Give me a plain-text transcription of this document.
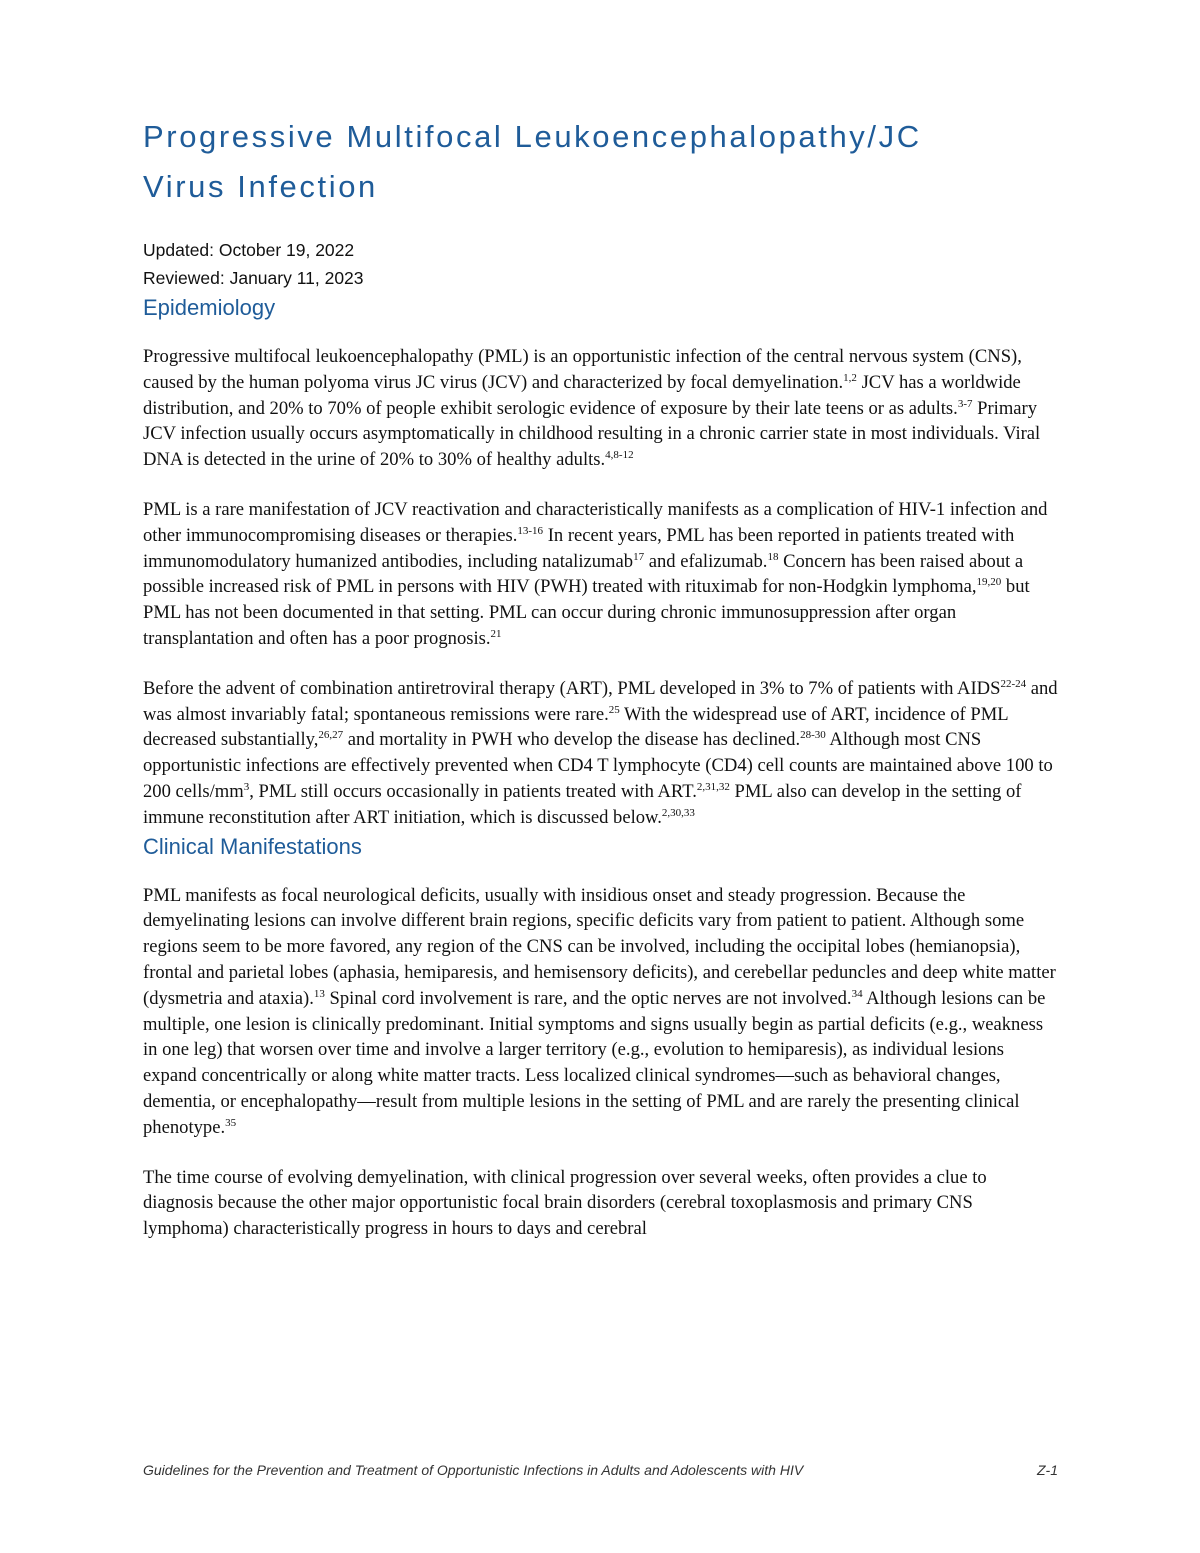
Progressive Multifocal Leukoencephalopathy/JC
Virus Infection
Updated: October 19, 2022
Reviewed: January 11, 2023
Epidemiology

Progressive multifocal leukoencephalopathy (PML) is an opportunistic infection of the central nervous system (CNS), caused by the human polyoma virus JC virus (JCV) and characterized by focal demyelination.$^{1,2}$ JCV has a worldwide distribution, and 20% to 70% of people exhibit serologic evidence of exposure by their late teens or as adults.$^{3-7}$ Primary JCV infection usually occurs asymptomatically in childhood resulting in a chronic carrier state in most individuals. Viral DNA is detected in the urine of 20% to 30% of healthy adults.$^{4,8-12}$

PML is a rare manifestation of JCV reactivation and characteristically manifests as a complication of HIV-1 infection and other immunocompromising diseases or therapies.$^{13-16}$ In recent years, PML has been reported in patients treated with immunomodulatory humanized antibodies, including natalizumab$^{17}$ and efalizumab.$^{18}$ Concern has been raised about a possible increased risk of PML in persons with HIV (PWH) treated with rituximab for non-Hodgkin lymphoma,$^{19,20}$ but PML has not been documented in that setting. PML can occur during chronic immunosuppression after organ transplantation and often has a poor prognosis.$^{21}$

Before the advent of combination antiretroviral therapy (ART), PML developed in 3% to 7% of patients with AIDS$^{22-24}$ and was almost invariably fatal; spontaneous remissions were rare.$^{25}$ With the widespread use of ART, incidence of PML decreased substantially,$^{26,27}$ and mortality in PWH who develop the disease has declined.$^{28-30}$ Although most CNS opportunistic infections are effectively prevented when CD4 T lymphocyte (CD4) cell counts are maintained above 100 to 200 cells/$mm^3$, PML still occurs occasionally in patients treated with ART.$^{2,31,32}$ PML also can develop in the setting of immune reconstitution after ART initiation, which is discussed below.$^{2,30,33}$

Clinical Manifestations

PML manifests as focal neurological deficits, usually with insidious onset and steady progression. Because the demyelinating lesions can involve different brain regions, specific deficits vary from patient to patient. Although some regions seem to be more favored, any region of the CNS can be involved, including the occipital lobes (hemianopsia), frontal and parietal lobes (aphasia, hemiparesis, and hemisensory deficits), and cerebellar peduncles and deep white matter (dysmetria and ataxia).$^{13}$ Spinal cord involvement is rare, and the optic nerves are not involved.$^{34}$ Although lesions can be multiple, one lesion is clinically predominant. Initial symptoms and signs usually begin as partial deficits (e.g., weakness in one leg) that worsen over time and involve a larger territory (e.g., evolution to hemiparesis), as individual lesions expand concentrically or along white matter tracts. Less localized clinical syndromes—such as behavioral changes, dementia, or encephalopathy—result from multiple lesions in the setting of PML and are rarely the presenting clinical phenotype.$^{35}$

The time course of evolving demyelination, with clinical progression over several weeks, often provides a clue to diagnosis because the other major opportunistic focal brain disorders (cerebral toxoplasmosis and primary CNS lymphoma) characteristically progress in hours to days and cerebral

Guidelines for the Prevention and Treatment of Opportunistic Infections in Adults and Adolescents with HIV	Z-1
